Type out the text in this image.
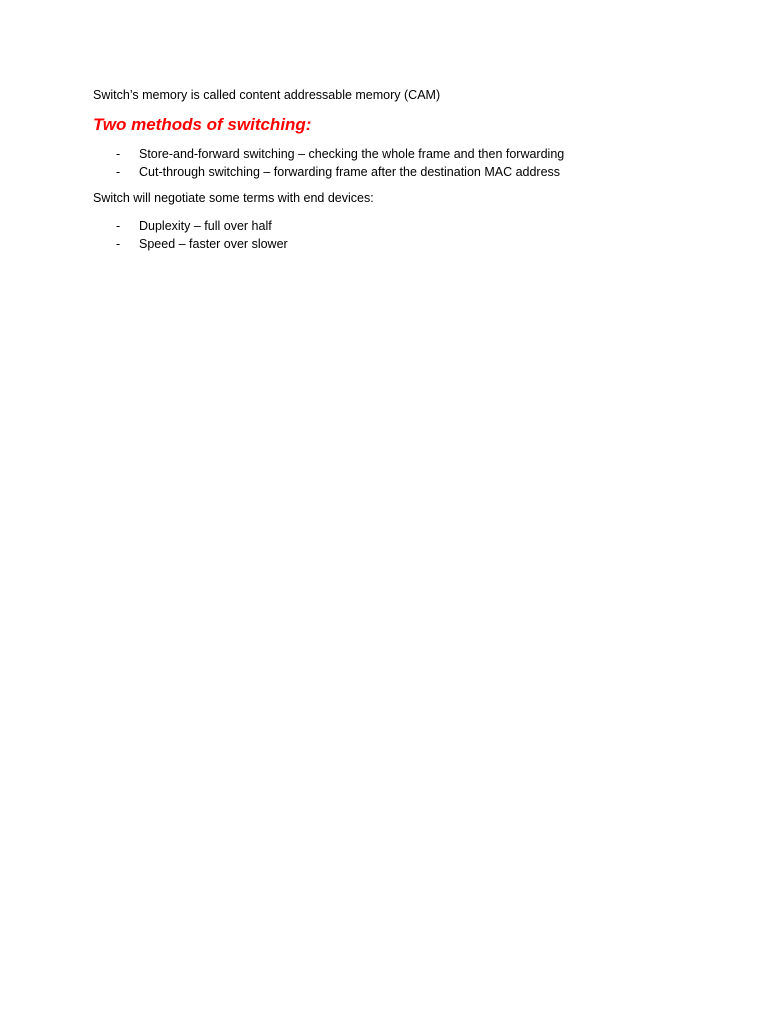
Switch’s memory is called content addressable memory (CAM)

Two methods of switching:
- Store-and-forward switching – checking the whole frame and then forwarding
- Cut-through switching – forwarding frame after the destination MAC address

Switch will negotiate some terms with end devices:

- Duplexity – full over half
- Speed – faster over slower
